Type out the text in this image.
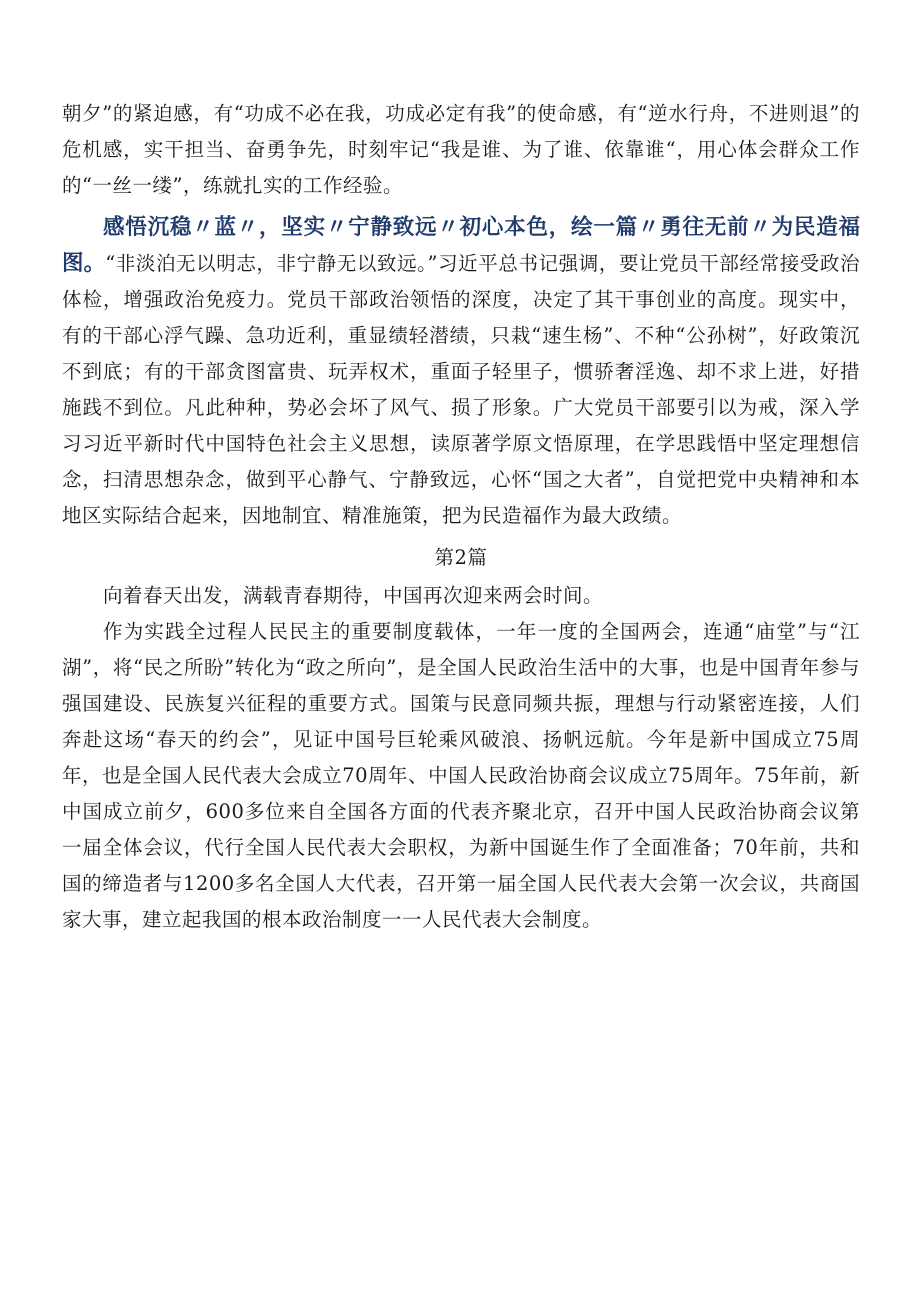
朝夕”的紧迫感，有“功成不必在我，功成必定有我”的使命感，有“逆水行舟，不进则退”的危机感，实干担当、奋勇争先，时刻牢记“我是谁、为了谁、依靠谁“，用心体会群众工作的“一丝一缕”，练就扎实的工作经验。

感悟沉稳〃蓝〃，坚实〃宁静致远〃初心本色，绘一篇〃勇往无前〃为民造福图。“非淡泊无以明志，非宁静无以致远。”习近平总书记强调，要让党员干部经常接受政治体检，增强政治免疫力。党员干部政治领悟的深度，决定了其干事创业的高度。现实中，有的干部心浮气躁、急功近利，重显绩轻潜绩，只栽“速生杨”、不种“公孙树”，好政策沉不到底；有的干部贪图富贵、玩弄权术，重面子轻里子，惯骄奢淫逸、却不求上进，好措施践不到位。凡此种种，势必会坏了风气、损了形象。广大党员干部要引以为戒，深入学习习近平新时代中国特色社会主义思想，读原著学原文悟原理，在学思践悟中坚定理想信念，扫清思想杂念，做到平心静气、宁静致远，心怀“国之大者”，自觉把党中央精神和本地区实际结合起来，因地制宜、精准施策，把为民造福作为最大政绩。

第2篇

向着春天出发，满载青春期待，中国再次迎来两会时间。

作为实践全过程人民民主的重要制度载体，一年一度的全国两会，连通“庙堂”与“江湖”，将“民之所盼”转化为“政之所向”，是全国人民政治生活中的大事，也是中国青年参与强国建设、民族复兴征程的重要方式。国策与民意同频共振，理想与行动紧密连接，人们奔赴这场“春天的约会”，见证中国号巨轮乘风破浪、扬帆远航。今年是新中国成立75周年，也是全国人民代表大会成立70周年、中国人民政治协商会议成立75周年。75年前，新中国成立前夕，600多位来自全国各方面的代表齐聚北京，召开中国人民政治协商会议第一届全体会议，代行全国人民代表大会职权，为新中国诞生作了全面准备；70年前，共和国的缔造者与1200多名全国人大代表，召开第一届全国人民代表大会第一次会议，共商国家大事，建立起我国的根本政治制度一一人民代表大会制度。
